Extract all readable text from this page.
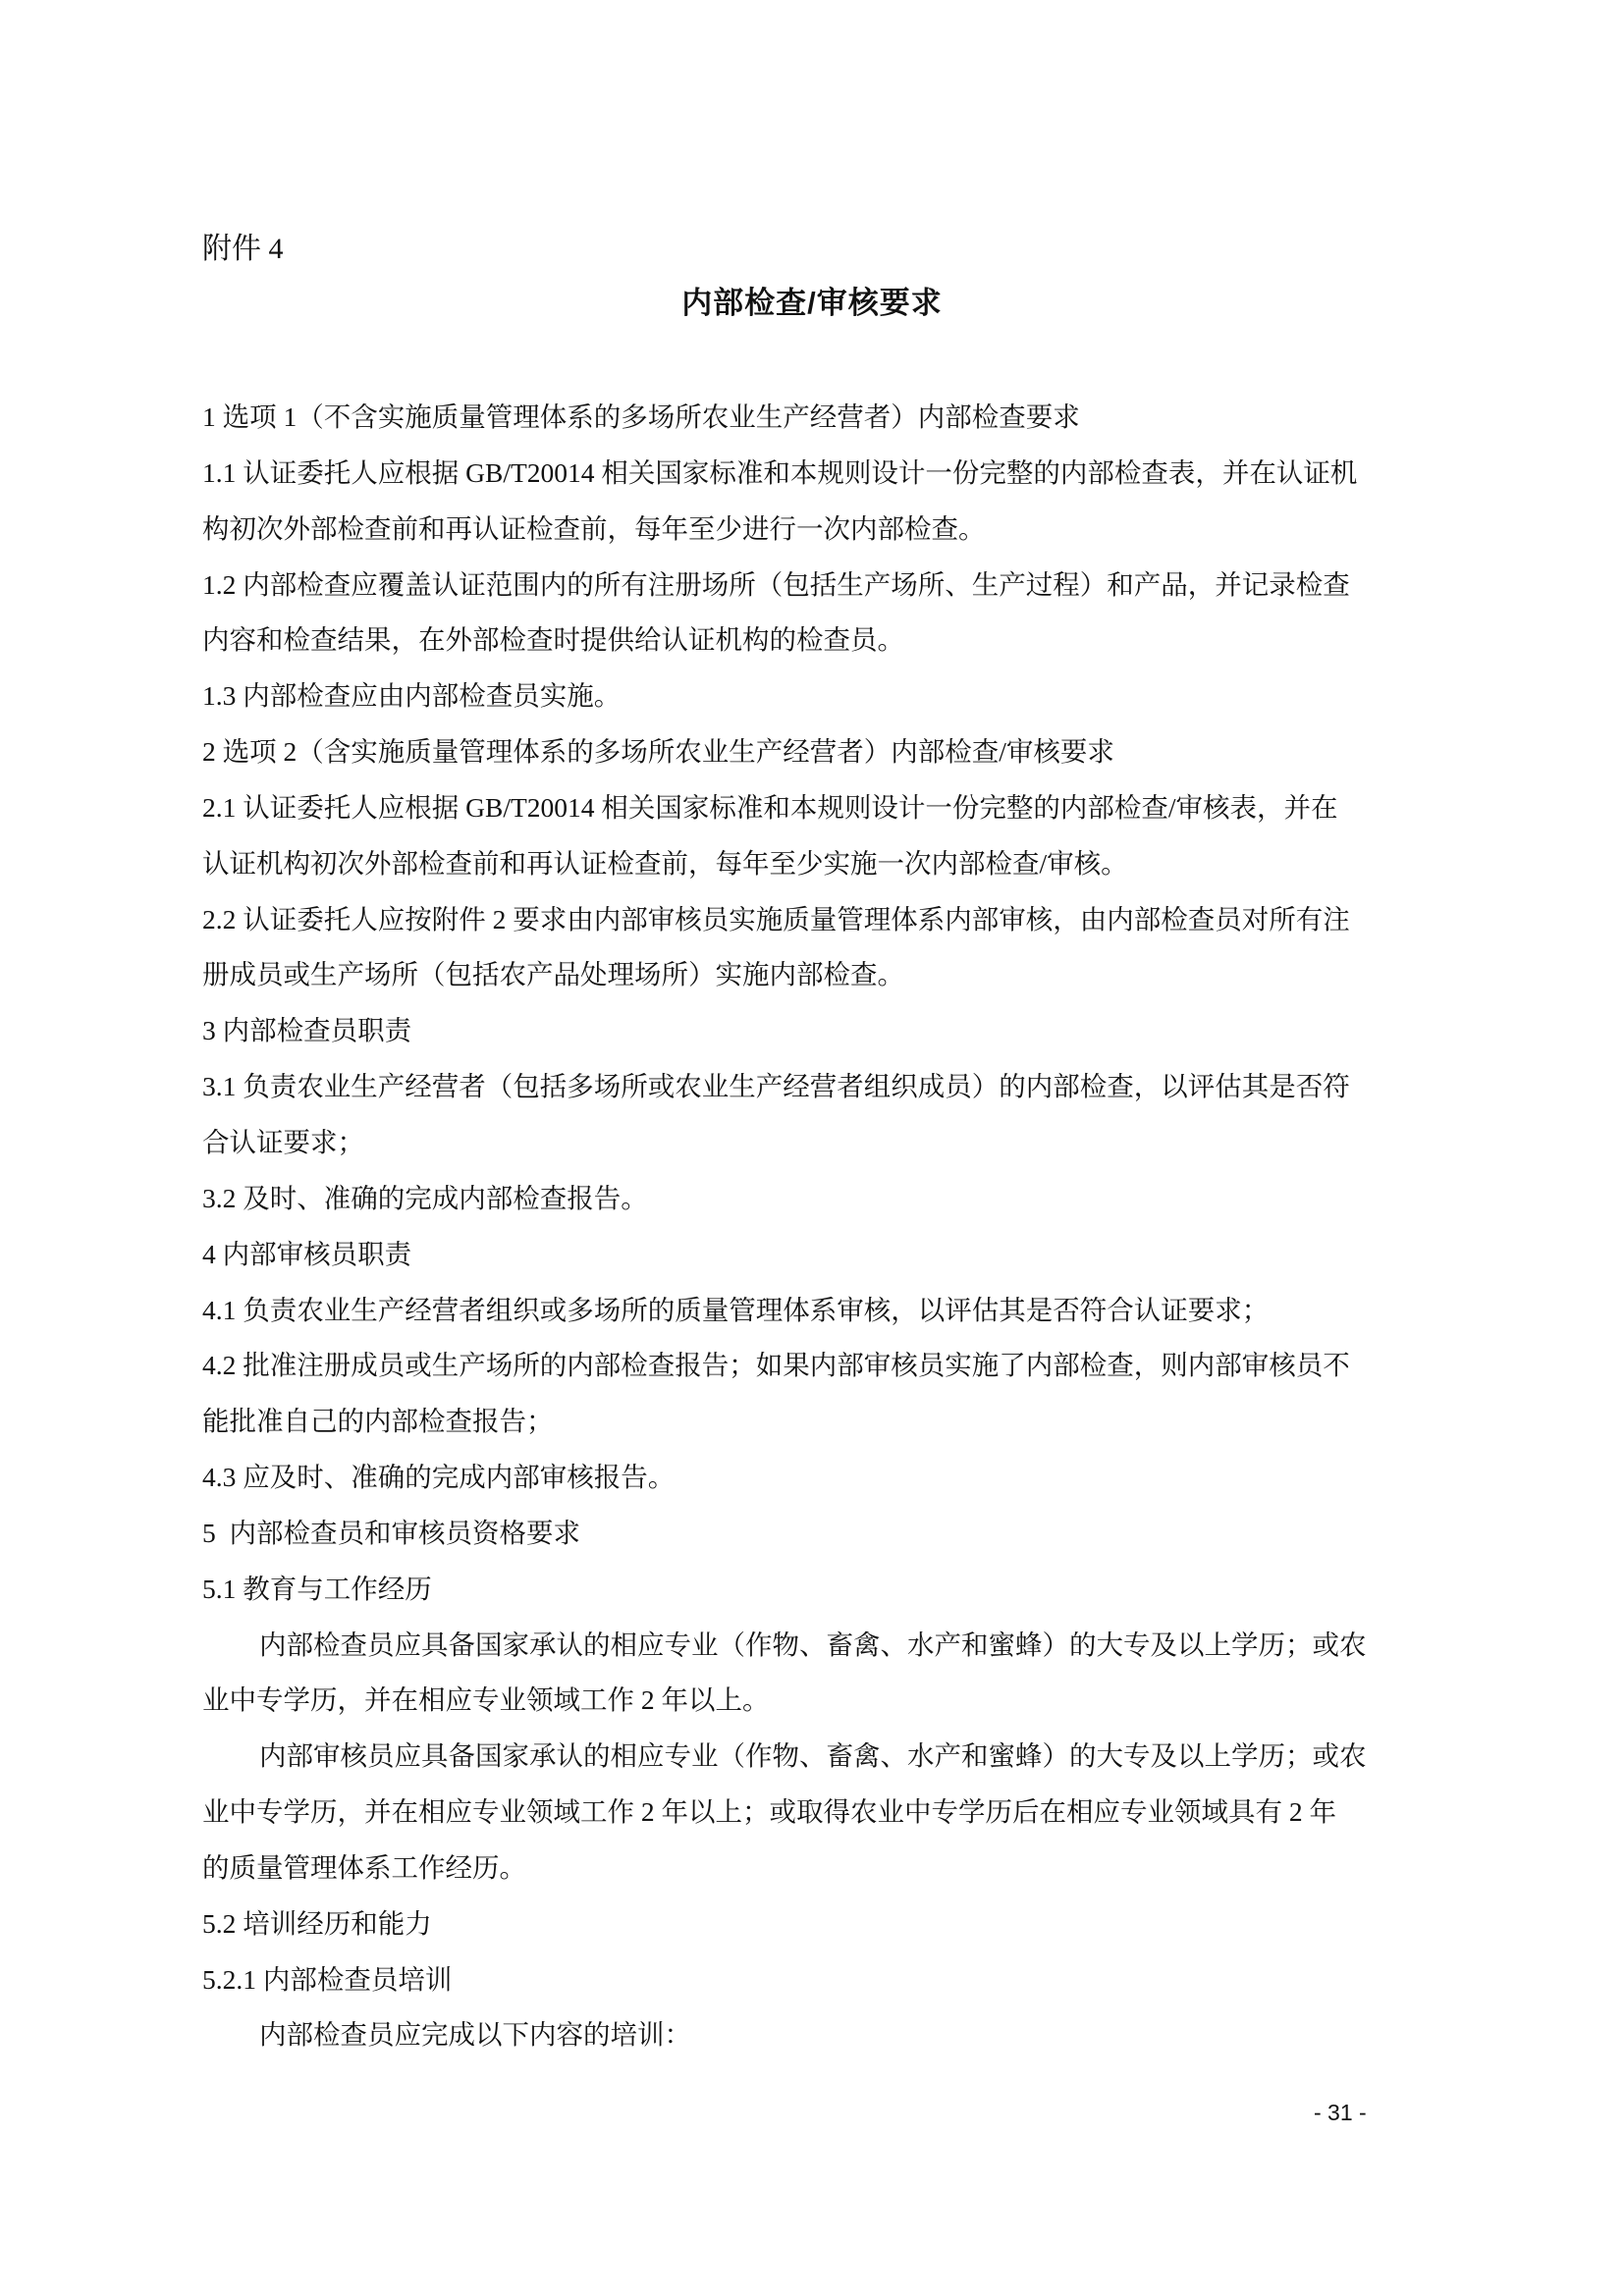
附件 4
内部检查/审核要求
1 选项 1（不含实施质量管理体系的多场所农业生产经营者）内部检查要求
1.1 认证委托人应根据 GB/T20014 相关国家标准和本规则设计一份完整的内部检查表，并在认证机
构初次外部检查前和再认证检查前，每年至少进行一次内部检查。
1.2 内部检查应覆盖认证范围内的所有注册场所（包括生产场所、生产过程）和产品，并记录检查
内容和检查结果，在外部检查时提供给认证机构的检查员。
1.3 内部检查应由内部检查员实施。
2 选项 2（含实施质量管理体系的多场所农业生产经营者）内部检查/审核要求
2.1 认证委托人应根据 GB/T20014 相关国家标准和本规则设计一份完整的内部检查/审核表，并在
认证机构初次外部检查前和再认证检查前，每年至少实施一次内部检查/审核。
2.2 认证委托人应按附件 2 要求由内部审核员实施质量管理体系内部审核，由内部检查员对所有注
册成员或生产场所（包括农产品处理场所）实施内部检查。
3 内部检查员职责
3.1 负责农业生产经营者（包括多场所或农业生产经营者组织成员）的内部检查，以评估其是否符
合认证要求；
3.2 及时、准确的完成内部检查报告。
4 内部审核员职责
4.1 负责农业生产经营者组织或多场所的质量管理体系审核，以评估其是否符合认证要求；
4.2 批准注册成员或生产场所的内部检查报告；如果内部审核员实施了内部检查，则内部审核员不
能批准自己的内部检查报告；
4.3 应及时、准确的完成内部审核报告。
5  内部检查员和审核员资格要求
5.1 教育与工作经历
内部检查员应具备国家承认的相应专业（作物、畜禽、水产和蜜蜂）的大专及以上学历；或农
业中专学历，并在相应专业领域工作 2 年以上。
内部审核员应具备国家承认的相应专业（作物、畜禽、水产和蜜蜂）的大专及以上学历；或农
业中专学历，并在相应专业领域工作 2 年以上；或取得农业中专学历后在相应专业领域具有 2 年
的质量管理体系工作经历。
5.2 培训经历和能力
5.2.1 内部检查员培训
内部检查员应完成以下内容的培训：
- 31 -
